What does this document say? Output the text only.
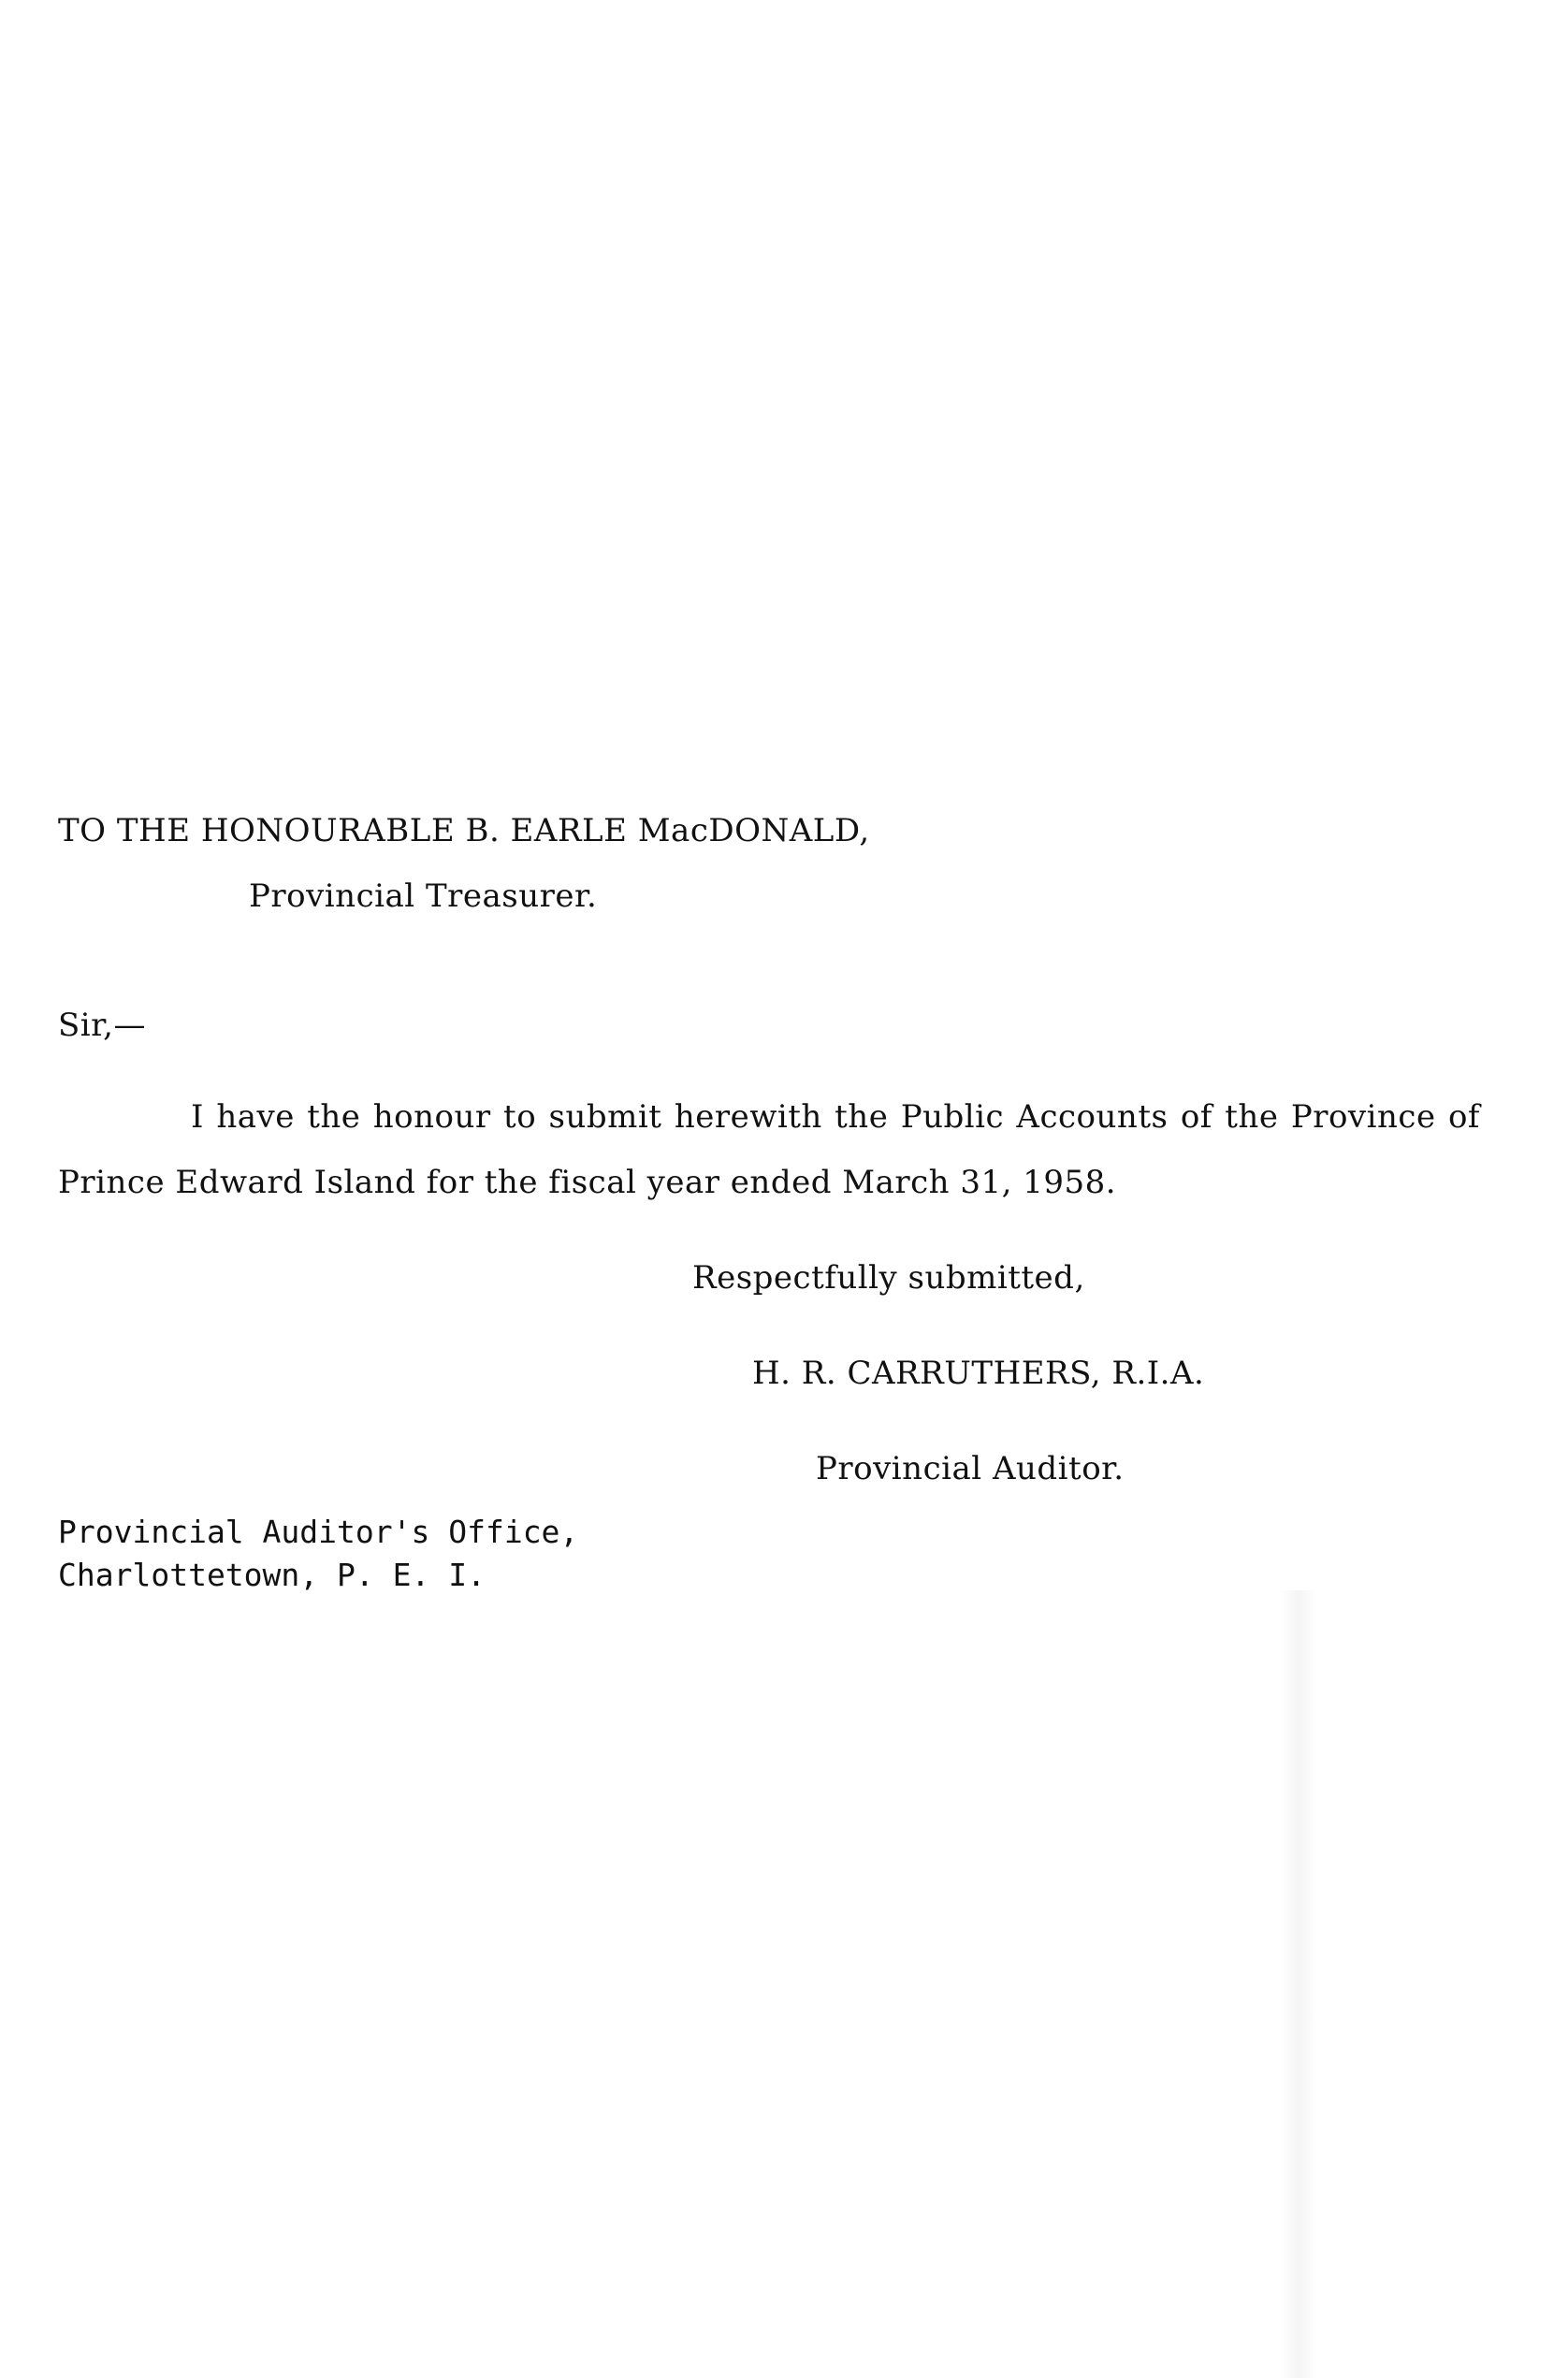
TO THE HONOURABLE B. EARLE MacDONALD,
Provincial Treasurer.
Sir,—
I have the honour to submit herewith the Public Accounts of the Province of
Prince Edward Island for the fiscal year ended March 31, 1958.
Respectfully submitted,
H. R. CARRUTHERS, R.I.A.
Provincial Auditor.
Provincial Auditor's Office,
Charlottetown, P. E. I.
